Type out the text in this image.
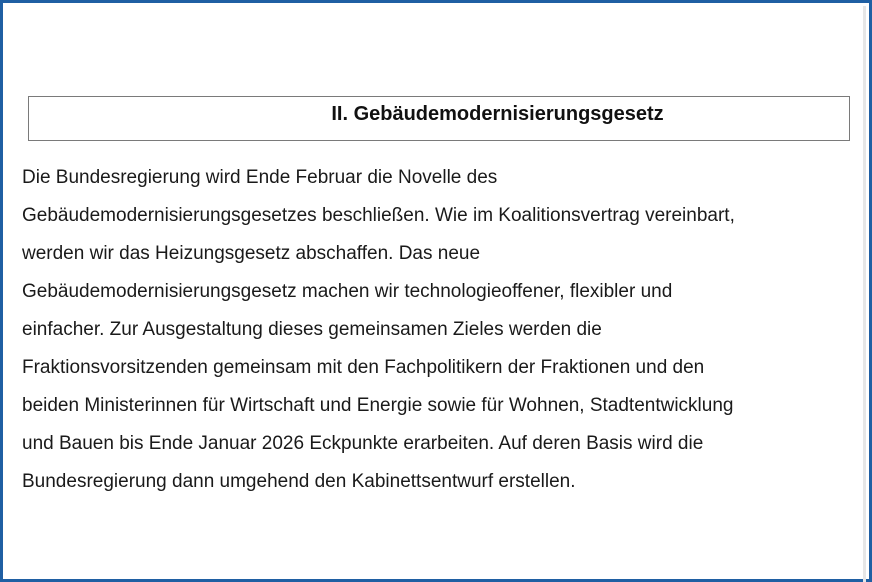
II. Gebäudemodernisierungsgesetz
Die Bundesregierung wird Ende Februar die Novelle des
Gebäudemodernisierungsgesetzes beschließen. Wie im Koalitionsvertrag vereinbart,
werden wir das Heizungsgesetz abschaffen. Das neue
Gebäudemodernisierungsgesetz machen wir technologieoffener, flexibler und
einfacher. Zur Ausgestaltung dieses gemeinsamen Zieles werden die
Fraktionsvorsitzenden gemeinsam mit den Fachpolitikern der Fraktionen und den
beiden Ministerinnen für Wirtschaft und Energie sowie für Wohnen, Stadtentwicklung
und Bauen bis Ende Januar 2026 Eckpunkte erarbeiten. Auf deren Basis wird die
Bundesregierung dann umgehend den Kabinettsentwurf erstellen.
